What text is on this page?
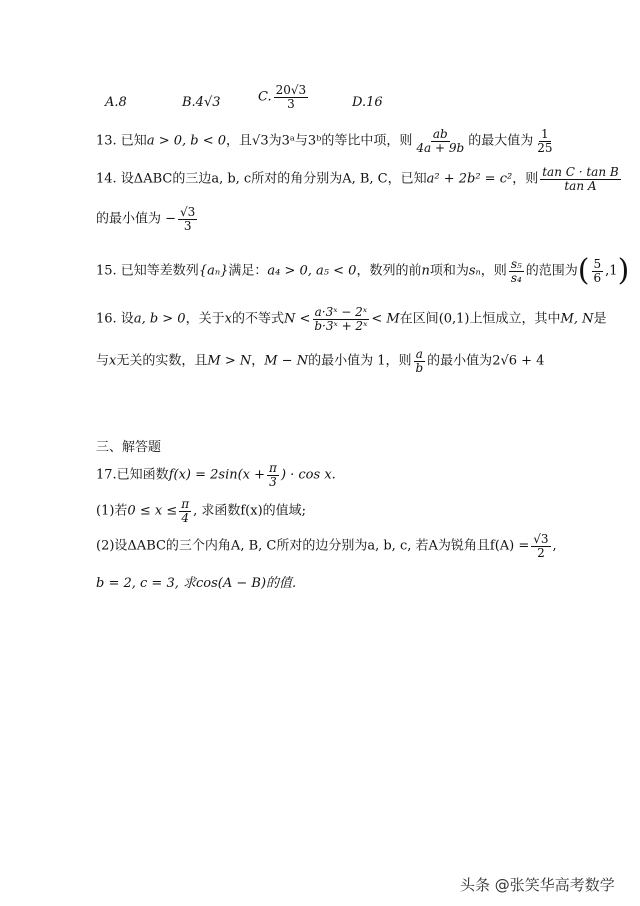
A.8	B.4√3	C. $\frac{20√3}{3}$	D.16
13. 已知a > 0, b < 0，且√3为3ᵃ与3ᵇ的等比中项，则 $\frac{ab}{4a + 9b}$ 的最大值为 $\frac{1}{25}$
14. 设ΔABC的三边a, b, c所对的角分别为A, B, C，已知a² + 2b² = c²，则 $\frac{\text{tan C · tan B}}{\text{tan A}}$
的最小值为 − $\frac{√3}{3}$
15. 已知等差数列{aₙ}满足：a₄ > 0, a₅ < 0，数列的前n项和为sₙ，则 $\frac{\text{s₅}}{\text{s₄}}$ 的范围为( $\frac{5}{6} ,1$)
16. 设a, b > 0，关于x的不等式$N < \frac{\text{a·3ˣ − 2ˣ}}{\text{b·3ˣ + 2ˣ}} < M$在区间(0,1)上恒成立，其中M, N是
与x无关的实数，且M > N，M − N的最小值为 1，则 $\frac{a}{b}$ 的最小值为2√6 + 4
三、解答题
17.已知函数$f(x) = 2\sin(x + \frac{\pi}{3}$ ) · cos x.
(1)若$0 \le x \le \frac{\pi}{4}$ , 求函数f(x)的值域;
(2)设ΔABC的三个内角A, B, C所对的边分别为a, b, c, 若A为锐角且$f(A) = \frac{√3}{2}$ ,
b = 2, c = 3, 求cos(A − B)的值.
头条 @张笑华高考数学
